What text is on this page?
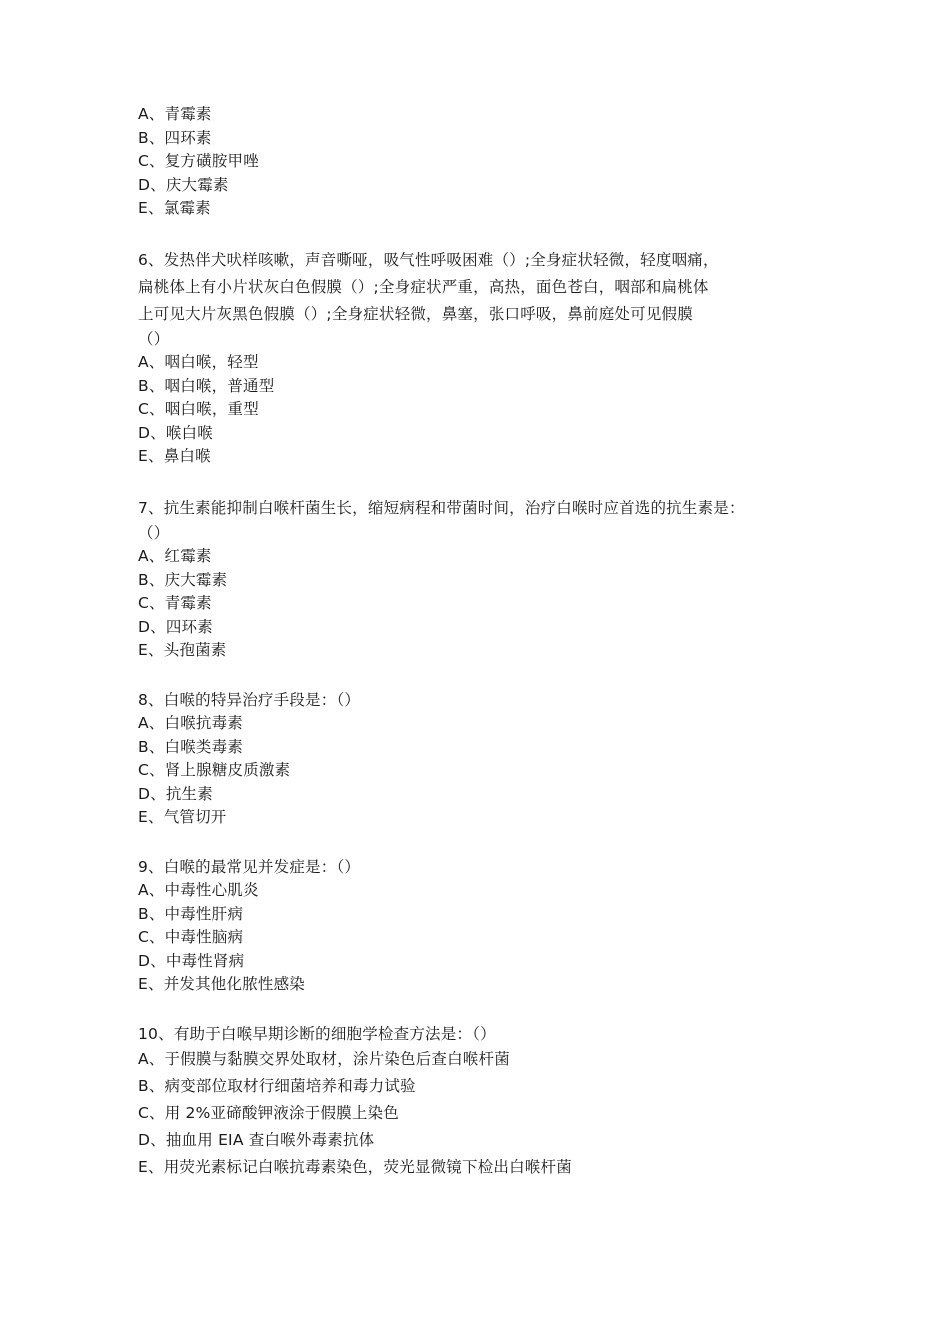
A、青霉素
B、四环素
C、复方磺胺甲唑
D、庆大霉素
E、氯霉素
6、发热伴犬吠样咳嗽，声音嘶哑，吸气性呼吸困难（）;全身症状轻微，轻度咽痛，
扁桃体上有小片状灰白色假膜（）;全身症状严重，高热，面色苍白，咽部和扁桃体
上可见大片灰黑色假膜（）;全身症状轻微，鼻塞，张口呼吸，鼻前庭处可见假膜
（）
A、咽白喉，轻型
B、咽白喉，普通型
C、咽白喉，重型
D、喉白喉
E、鼻白喉
7、抗生素能抑制白喉杆菌生长，缩短病程和带菌时间，治疗白喉时应首选的抗生素是：
（）
A、红霉素
B、庆大霉素
C、青霉素
D、四环素
E、头孢菌素
8、白喉的特异治疗手段是：（）
A、白喉抗毒素
B、白喉类毒素
C、肾上腺糖皮质激素
D、抗生素
E、气管切开
9、白喉的最常见并发症是：（）
A、中毒性心肌炎
B、中毒性肝病
C、中毒性脑病
D、中毒性肾病
E、并发其他化脓性感染
10、有助于白喉早期诊断的细胞学检查方法是：（）
A、于假膜与黏膜交界处取材，涂片染色后查白喉杆菌
B、病变部位取材行细菌培养和毒力试验
C、用 2%亚碲酸钾液涂于假膜上染色
D、抽血用 EIA 查白喉外毒素抗体
E、用荧光素标记白喉抗毒素染色，荧光显微镜下检出白喉杆菌
